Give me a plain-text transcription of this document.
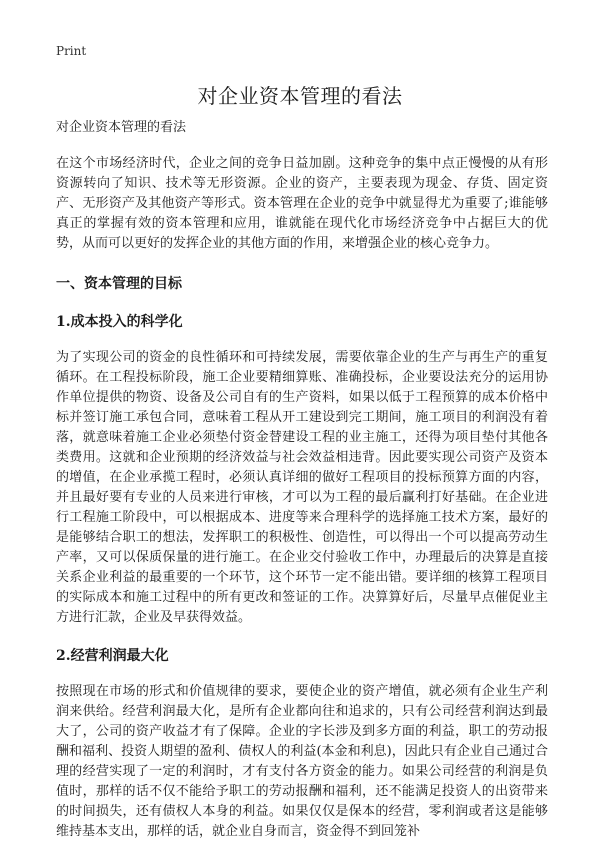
Print
对企业资本管理的看法
对企业资本管理的看法

在这个市场经济时代，企业之间的竞争日益加剧。这种竞争的集中点正慢慢的从有形资源转向了知识、技术等无形资源。企业的资产，主要表现为现金、存货、固定资产、无形资产及其他资产等形式。资本管理在企业的竞争中就显得尤为重要了;谁能够真正的掌握有效的资本管理和应用，谁就能在现代化市场经济竞争中占据巨大的优势，从而可以更好的发挥企业的其他方面的作用，来增强企业的核心竞争力。

一、资本管理的目标
1.成本投入的科学化

为了实现公司的资金的良性循环和可持续发展，需要依靠企业的生产与再生产的重复循环。在工程投标阶段，施工企业要精细算账、准确投标，企业要设法充分的运用协作单位提供的物资、设备及公司自有的生产资料，如果以低于工程预算的成本价格中标并签订施工承包合同，意味着工程从开工建设到完工期间，施工项目的利润没有着落，就意味着施工企业必须垫付资金替建设工程的业主施工，还得为项目垫付其他各类费用。这就和企业预期的经济效益与社会效益相违背。因此要实现公司资产及资本的增值，在企业承揽工程时，必须认真详细的做好工程项目的投标预算方面的内容，并且最好要有专业的人员来进行审核，才可以为工程的最后赢利打好基础。在企业进行工程施工阶段中，可以根据成本、进度等来合理科学的选择施工技术方案，最好的是能够结合职工的想法，发挥职工的积极性、创造性，可以得出一个可以提高劳动生产率，又可以保质保量的进行施工。在企业交付验收工作中，办理最后的决算是直接关系企业利益的最重要的一个环节，这个环节一定不能出错。要详细的核算工程项目的实际成本和施工过程中的所有更改和签证的工作。决算算好后，尽量早点催促业主方进行汇款，企业及早获得效益。

2.经营利润最大化

按照现在市场的形式和价值规律的要求，要使企业的资产增值，就必须有企业生产利润来供给。经营利润最大化，是所有企业都向往和追求的，只有公司经营利润达到最大了，公司的资产收益才有了保障。企业的字长涉及到多方面的利益，职工的劳动报酬和福利、投资人期望的盈利、债权人的利益(本金和利息)，因此只有企业自己通过合理的经营实现了一定的利润时，才有支付各方资金的能力。如果公司经营的利润是负值时，那样的话不仅不能给予职工的劳动报酬和福利，还不能满足投资人的出资带来的时间损失，还有债权人本身的利益。如果仅仅是保本的经营，零利润或者这是能够维持基本支出，那样的话，就企业自身而言，资金得不到回笼补
